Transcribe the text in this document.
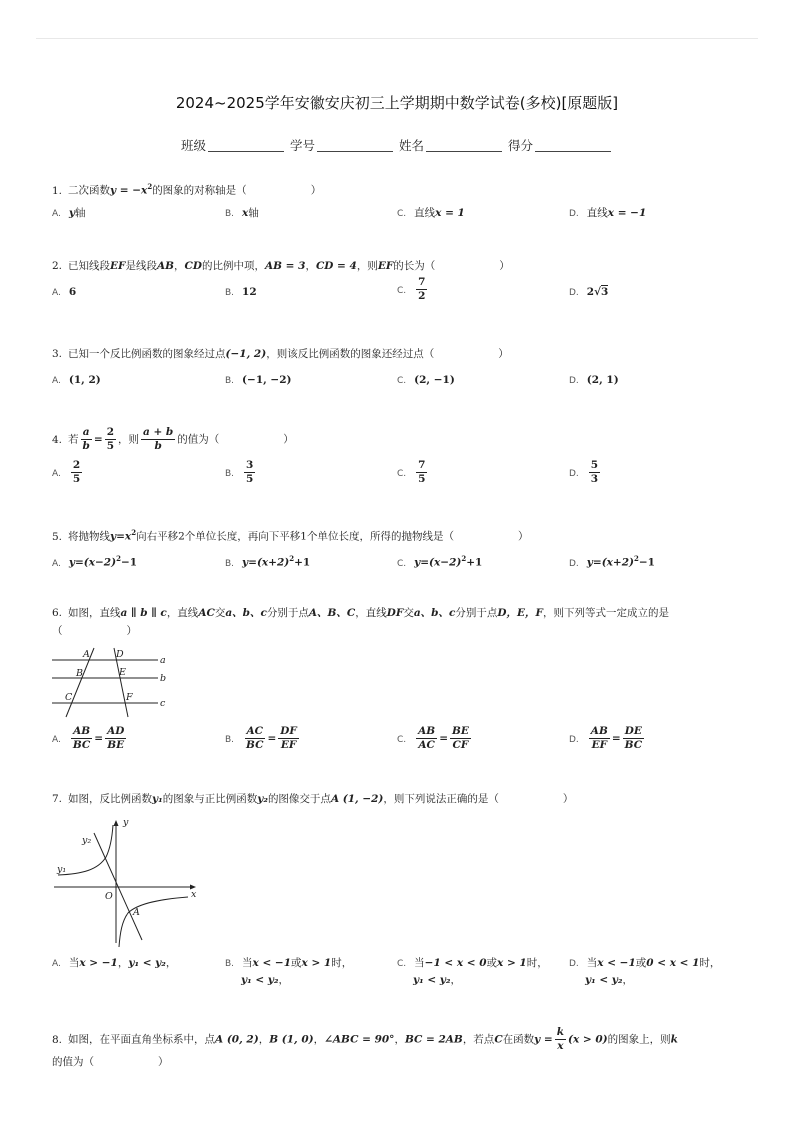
2024~2025学年安徽安庆初三上学期期中数学试卷(多校)[原题版]
班级	学号	姓名	得分
1. 二次函数$y = -x^2$的图象的对称轴是（	）
A. y轴	B. x轴	C. 直线x = 1	D. 直线x = −1
2. 已知线段EF是线段AB，CD的比例中项，AB = 3，CD = 4，则EF的长为（	）
A. 6	B. 12	C. $\frac{7}{2}$	D. 2√3
3. 已知一个反比例函数的图象经过点(−1, 2)，则该反比例函数的图象还经过点（	）
A. (1, 2)	B. (−1, −2)	C. (2, −1)	D. (2, 1)
4. 若 $\frac{a}{b} = \frac{2}{5}$ ，则 $\frac{a + b}{b}$ 的值为（	）
A. $\frac{2}{5}$	B. $\frac{3}{5}$	C. $\frac{7}{5}$	D. $\frac{5}{3}$
5. 将抛物线$y=x^2$向右平移2个单位长度，再向下平移1个单位长度，所得的抛物线是（	）
A. $y=(x-2)^2-1$	B. $y=(x+2)^2+1$	C. $y=(x-2)^2+1$	D. $y=(x+2)^2-1$
6. 如图，直线a ∥ b ∥ c，直线AC交a、b、c分别于点A、B、C，直线DF交a、b、c分别于点D，E，F，则下列等式一定成立的是
（	）
A
B
C
D
E
F
a
b
c
A. $\frac{AB}{BC} = \frac{AD}{BE}$	B. $\frac{AC}{BC} = \frac{DF}{EF}$	C. $\frac{AB}{AC} = \frac{BE}{CF}$	D. $\frac{AB}{EF} = \frac{DE}{BC}$
7. 如图，反比例函数y₁的图象与正比例函数y₂的图像交于点A (1, −2)，则下列说法正确的是（	）
y
x
O
A
y₁
y₂
A. 当x > −1，y₁ < y₂，	B. 当x < −1或x > 1时，
y₁ < y₂，
C. 当−1 < x < 0或x > 1时，
y₁ < y₂，
D. 当x < −1或0 < x < 1时，
y₁ < y₂，
8. 如图，在平面直角坐标系中，点A (0, 2)，B (1, 0)，∠ABC = 90°，BC = 2AB，若点C在函数$y = \frac{k}{x} (x > 0)$的图象上，则k
的值为（	）
